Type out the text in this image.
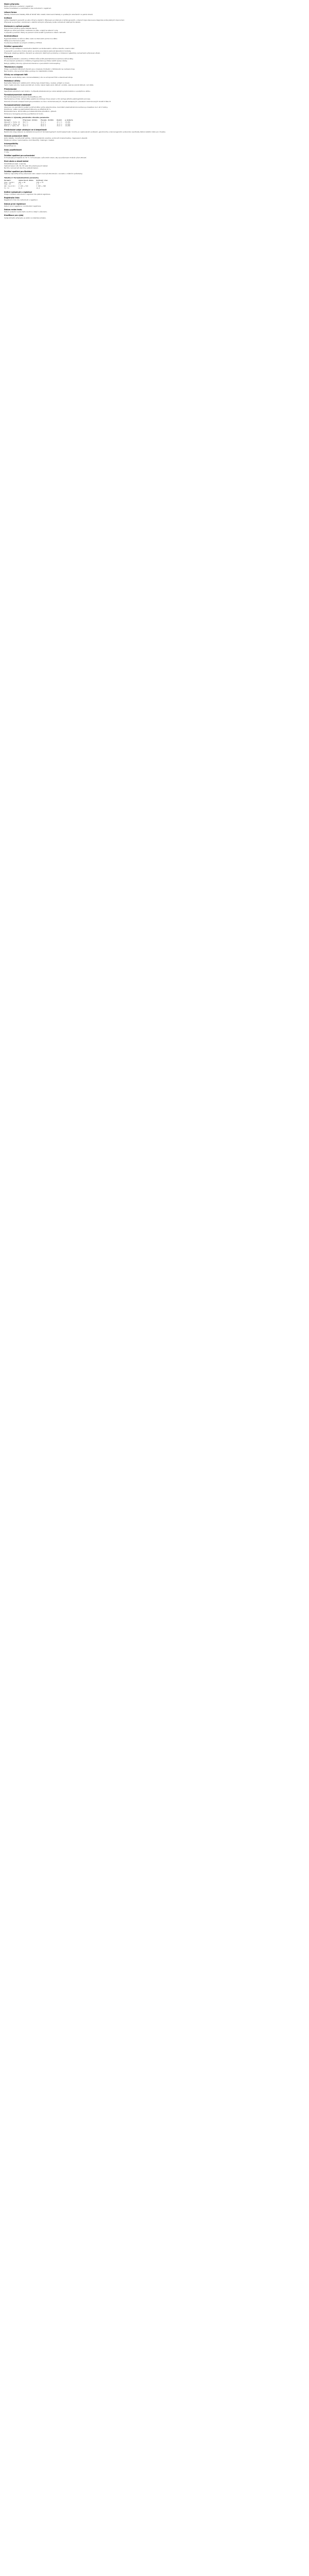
Název přípravku

Název přípravku uvedený v registraci.
Složení kvalitativní a kvantitativní dle rozhodnutí o registraci.

Léková forma

Tablety. Potahované tablety. Bílé až téměř bílé, kulaté, bikonvexní tablety s vyraženým označením na jedné straně.

Indikace

Léčba dospělých pacientů ve věku 18 let a starších. Přípravek je indikován k léčbě pacientů, u kterých byla stanovena diagnóza podle platných doporučení.
Přípravek se používá v kombinaci s dalšími léčivými přípravky podle rozhodnutí ošetřujícího lékaře.

Dávkování a způsob podání

Doporučená dávka je jedna tableta denně.
Tableta se užívá perorálně, nezávisle na jídle, a zapíjí se sklenicí vody.
V případě vynechání dávky se pacient nemá snažit vynechanou dávku nahradit.

Kontraindikace

Hypersenzitivita na léčivou látku nebo na kteroukoli pomocnou látku.
Těžká porucha funkce jater.
Současné podávání se silnými inhibitory CYP3A4.

Zvláštní upozornění

Léčba má být zahájena a sledována lékařem se zkušenostmi s léčbou daného onemocnění.
U pacientů s poruchou funkce ledvin je nutné pravidelně sledovat laboratorní hodnoty.
Přípravek obsahuje laktózu. Pacienti se vzácnými dědičnými problémy s intolerancí galaktózy nemají tento přípravek užívat.

Interakce

Současné podávání s induktory CYP3A4 může snížit plazmatické koncentrace léčivé látky.
Při současném podávání s inhibitory P-glykoproteinu je třeba zvážit úpravu dávky.
Nebyly zjištěny klinicky významné interakce s perorálními kontraceptivy.

Těhotenství a kojení

Údaje o podávání těhotným ženám jsou omezené. Podávání v těhotenství se nedoporučuje.
Není známo, zda se léčivá látka vylučuje do mateřského mléka.

Účinky na schopnost řídit

Přípravek nemá žádný nebo má zanedbatelný vliv na schopnost řídit a obsluhovat stroje.

Nežádoucí účinky

Nejčastěji hlášenými nežádoucími účinky byly bolest hlavy, nauzea, průjem a únava.
Velmi časté (≥1/10), časté (≥1/100 až <1/10), méně časté (≥1/1 000 až <1/100), vzácné (≥1/10 000 až <1/1 000).

Předávkování

Specifické antidotum není známo. V případě předávkování je nutné zahájit symptomatickou a podpůrnou léčbu.

Farmakodynamické vlastnosti

Farmakoterapeutická skupina dle klasifikace ATC.
Mechanismus účinku: léčivá látka selektivně inhibuje cílový enzym a tím snižuje aktivitu patologického procesu.
Klinická účinnost a bezpečnost byla prokázána ve dvou randomizovaných, dvojitě zaslepených, placebem kontrolovaných studiích fáze III.

Farmakokinetické vlastnosti

Absorpce: po perorálním podání je léčivá látka rychle absorbována, maximální plazmatické koncentrace je dosaženo za 1 až 2 hodiny.
Distribuce: vazba na plazmatické bílkoviny je přibližně 95 %.
Biotransformace: léčivá látka je metabolizována převážně v játrech.
Eliminace: biologický poločas je přibližně 12 hodin.

Tabulka 1: Výsledky primárního cílového parametru
Parametr	Přípravek (N=412)	Placebo (N=409)	Rozdíl	p-hodnota
Odpověď v týdnu 12	58,3 %	31,2 %	27,1 %	<0,001
Odpověď v týdnu 24	61,7 %	29,8 %	31,9 %	<0,001
Remise v týdnu 52	42,5 %	18,6 %	23,9 %	<0,001
Předklinické údaje vztahující se k bezpečnosti

Neklinické údaje získané na základě konvenčních farmakologických studií bezpečnosti, toxicity po opakovaném podávání, genotoxicity a kancerogenního potenciálu neodhalily žádné zvláštní riziko pro člověka.

Seznam pomocných látek

Jádro tablety: monohydrát laktózy, mikrokrystalická celulóza, sodná sůl kroskarmelózy, magnesium-stearát.
Potahová vrstva: hypromelóza, oxid titaničitý, makrogol, mastek.

Inkompatibility

Neuplatňuje se.

Doba použitelnosti

3 roky.

Zvláštní opatření pro uchovávání

Uchovávejte při teplotě do 30 °C. Uchovávejte v původním obalu, aby byl přípravek chráněn před vlhkostí.

Druh obalu a obsah balení

PVC/PVDC/Al blistr, krabička.
Velikost balení: 28, 30, 56 nebo 90 potahovaných tablet.
Na trhu nemusí být všechny velikosti balení.

Zvláštní opatření pro likvidaci

Veškerý nepoužitý léčivý přípravek nebo odpad musí být zlikvidován v souladu s místními požadavky.

Tabulka 2: Farmakokinetické parametry
Parametr	Jednorázová dávka	Ustálený stav
Cmax (ng/ml)	245 ± 62	318 ± 74
Tmax (h)	1,5	1,5
AUC (ng·h/ml)	2 140 ± 510	3 020 ± 690
t½ (h)	11,8	12,4
Držitel rozhodnutí o registraci

Údaje o držiteli rozhodnutí o registraci dle platné registrace.

Registrační číslo

Registrační číslo dle rozhodnutí o registraci.

Datum první registrace

Datum první registrace / prodloužení registrace.

Datum revize textu

Datum poslední revize textu souhrnu údajů o přípravku.

Klasifikace pro výdej

Výdej léčivého přípravku je vázán na lékařský předpis.
